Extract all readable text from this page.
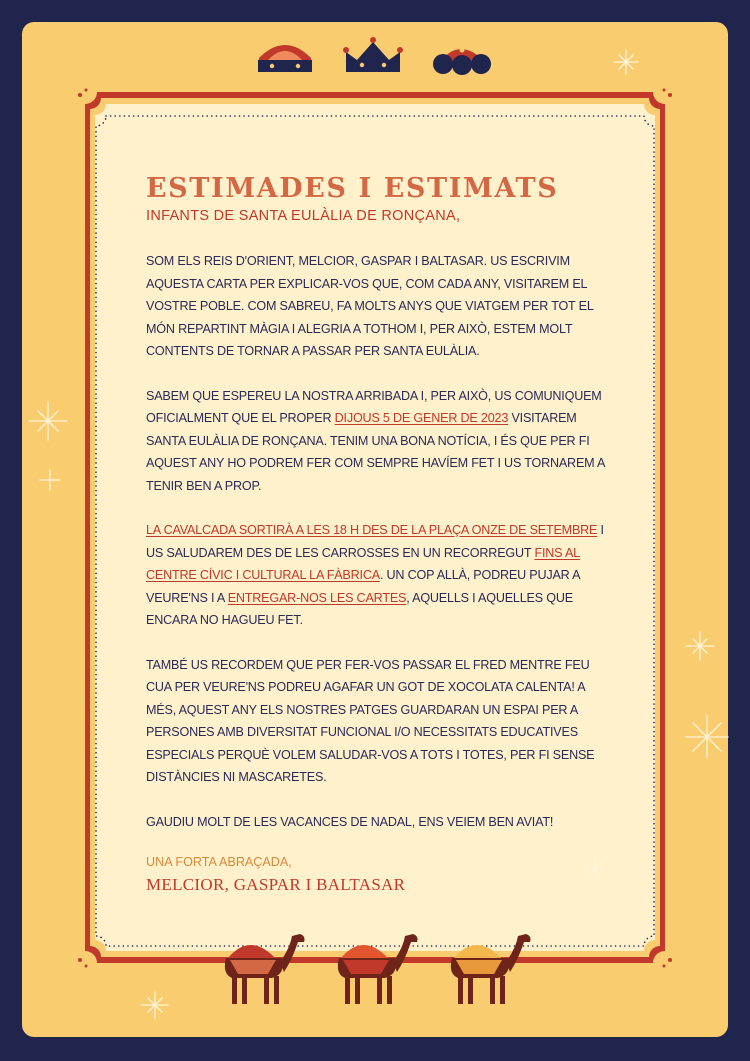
ESTIMADES I ESTIMATS

INFANTS DE SANTA EULÀLIA DE RONÇANA,

SOM ELS REIS D'ORIENT, MELCIOR, GASPAR I BALTASAR. US ESCRIVIM AQUESTA CARTA PER EXPLICAR-VOS QUE, COM CADA ANY, VISITAREM EL VOSTRE POBLE. COM SABREU, FA MOLTS ANYS QUE VIATGEM PER TOT EL MÓN REPARTINT MÀGIA I ALEGRIA A TOTHOM I, PER AIXÒ, ESTEM MOLT CONTENTS DE TORNAR A PASSAR PER SANTA EULÀLIA.

SABEM QUE ESPEREU LA NOSTRA ARRIBADA I, PER AIXÒ, US COMUNIQUEM OFICIALMENT QUE EL PROPER DIJOUS 5 DE GENER DE 2023 VISITAREM SANTA EULÀLIA DE RONÇANA. TENIM UNA BONA NOTÍCIA, I ÉS QUE PER FI AQUEST ANY HO PODREM FER COM SEMPRE HAVÍEM FET I US TORNAREM A TENIR BEN A PROP.

LA CAVALCADA SORTIRÀ A LES 18 H DES DE LA PLAÇA ONZE DE SETEMBRE I US SALUDAREM DES DE LES CARROSSES EN UN RECORREGUT FINS AL CENTRE CÍVIC I CULTURAL LA FÀBRICA. UN COP ALLÀ, PODREU PUJAR A VEURE'NS I A ENTREGAR-NOS LES CARTES, AQUELLS I AQUELLES QUE ENCARA NO HAGUEU FET.

TAMBÉ US RECORDEM QUE PER FER-VOS PASSAR EL FRED MENTRE FEU CUA PER VEURE'NS PODREU AGAFAR UN GOT DE XOCOLATA CALENTA! A MÉS, AQUEST ANY ELS NOSTRES PATGES GUARDARAN UN ESPAI PER A PERSONES AMB DIVERSITAT FUNCIONAL I/O NECESSITATS EDUCATIVES ESPECIALS PERQUÈ VOLEM SALUDAR-VOS A TOTS I TOTES, PER FI SENSE DISTÀNCIES NI MASCARETES.

GAUDIU MOLT DE LES VACANCES DE NADAL, ENS VEIEM BEN AVIAT!

UNA FORTA ABRAÇADA,

MELCIOR, GASPAR I BALTASAR
